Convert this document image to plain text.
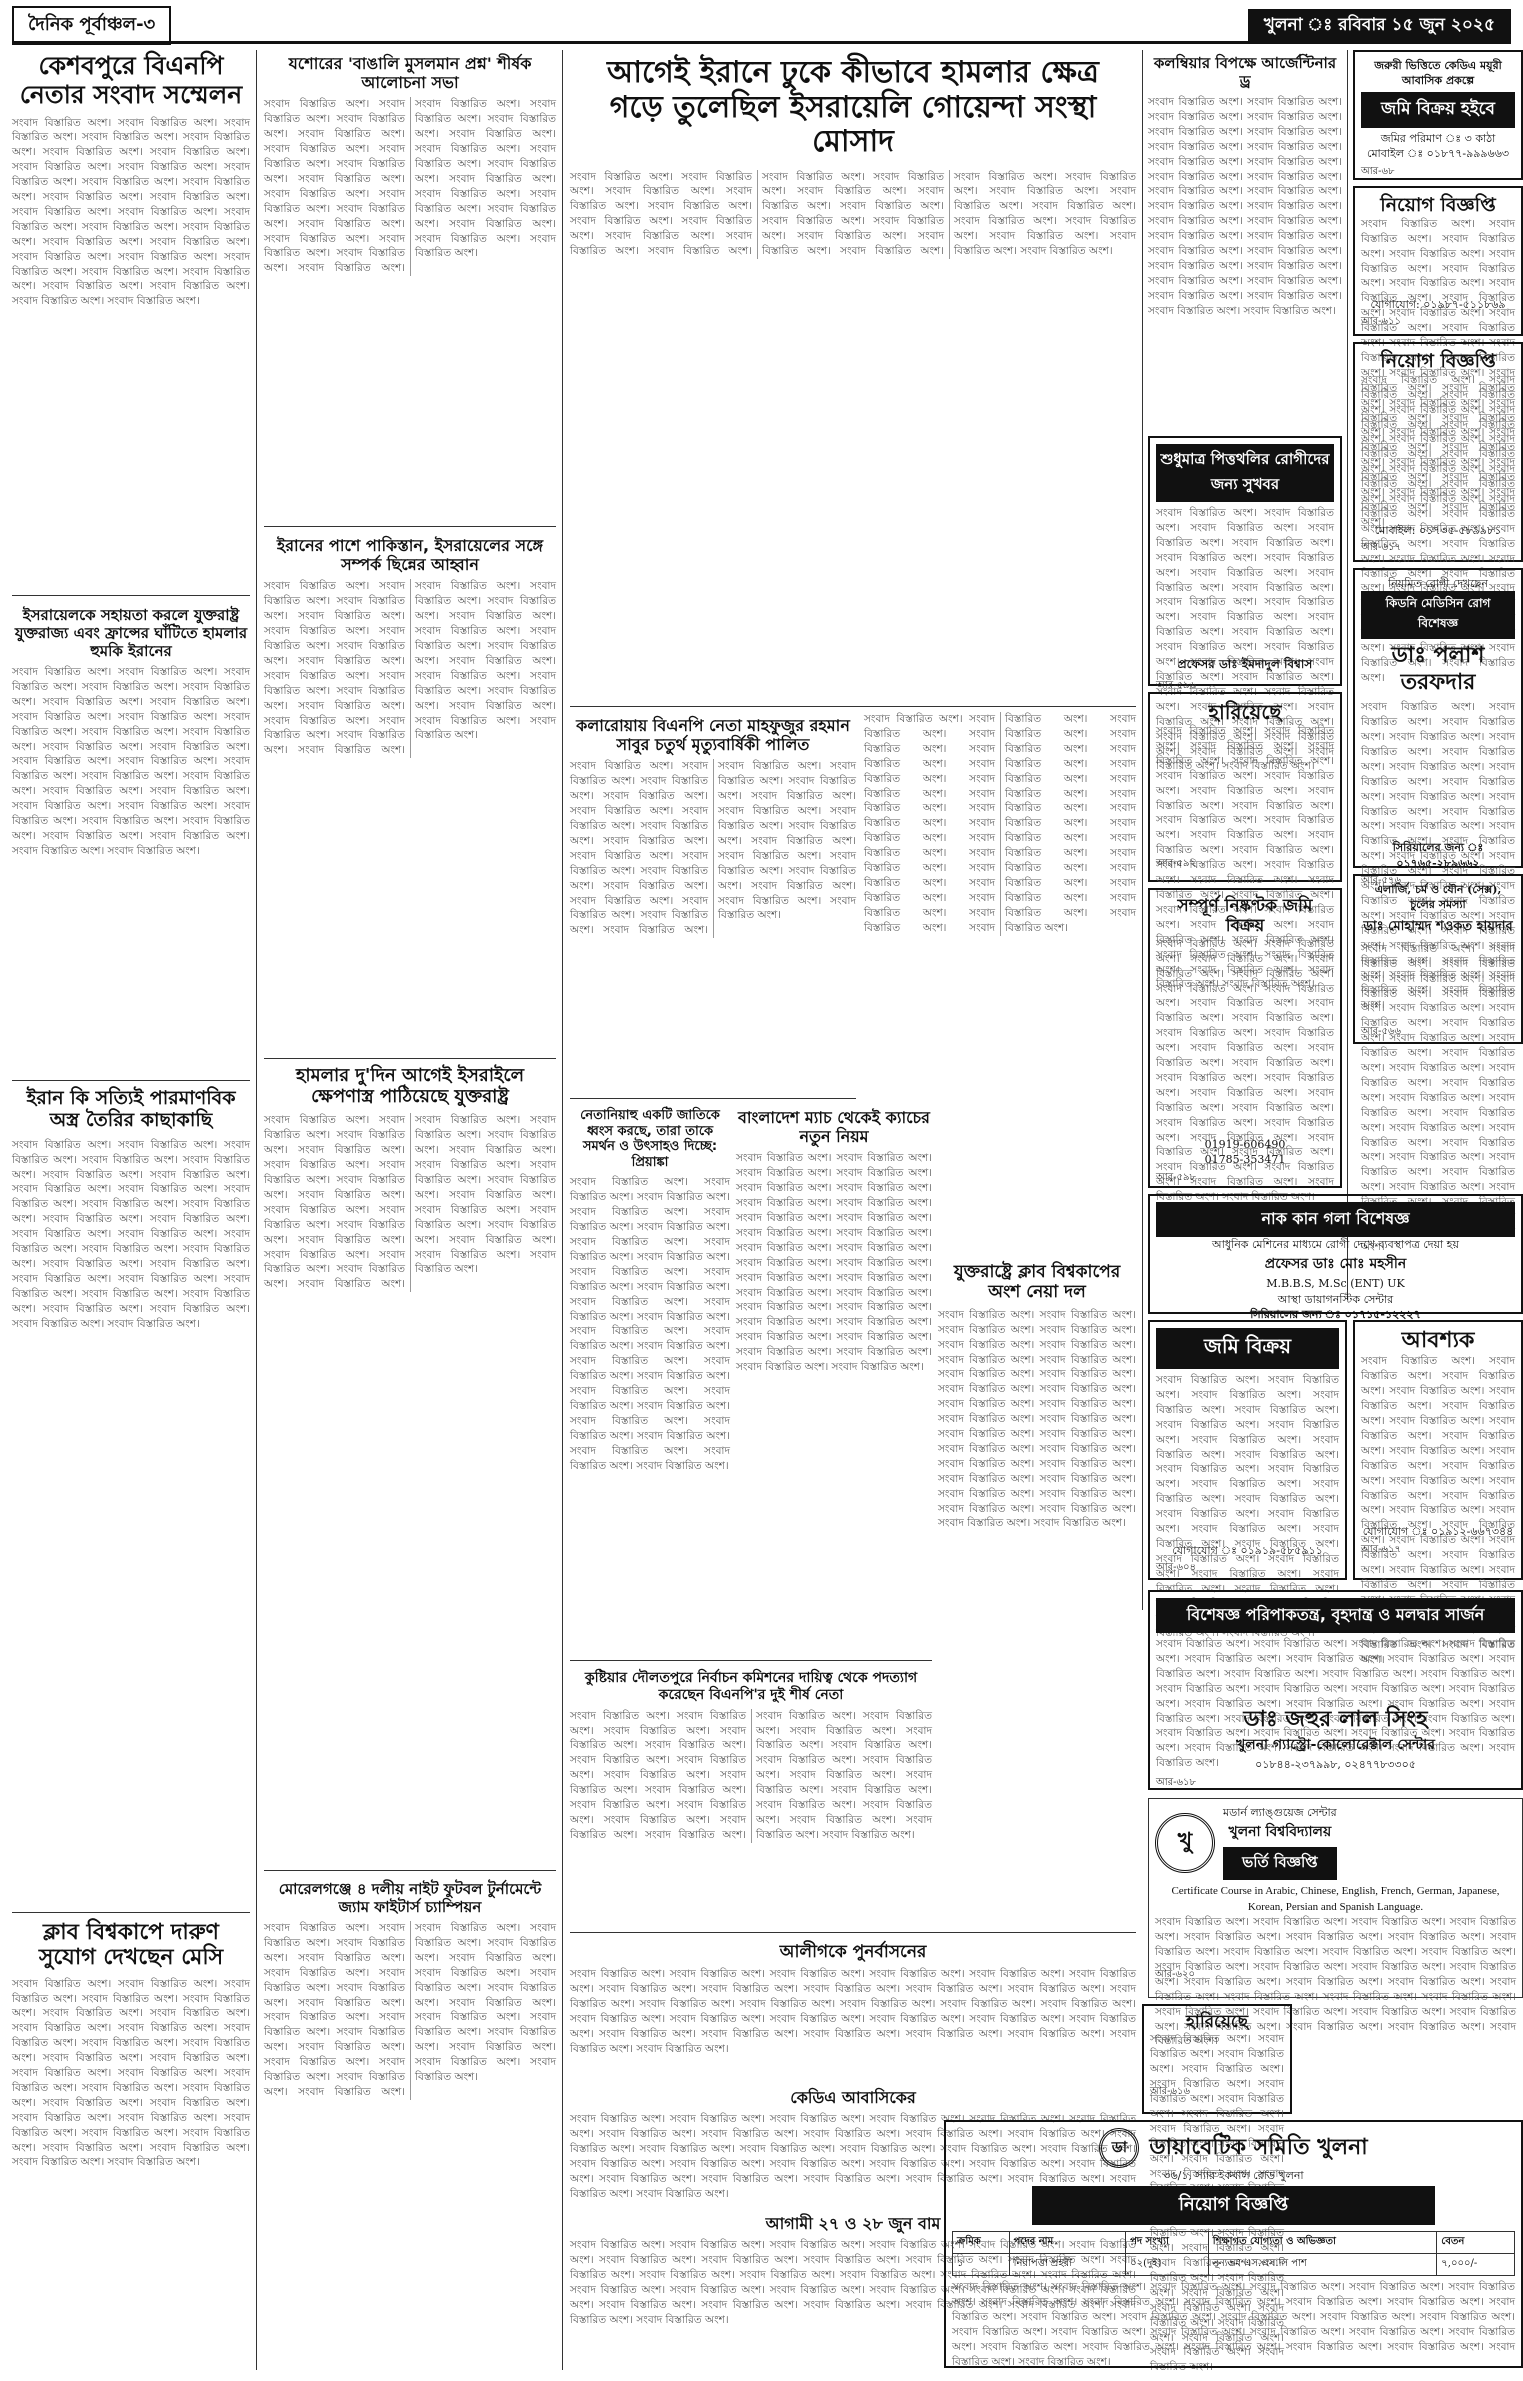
দৈনিক পূর্বাঞ্চল-৩	খুলনা ঃ রবিবার ১৫ জুন ২০২৫
কেশবপুরে বিএনপি নেতার সংবাদ সম্মেলন
সংবাদ বিস্তারিত অংশ। সংবাদ বিস্তারিত অংশ। সংবাদ বিস্তারিত অংশ। সংবাদ বিস্তারিত অংশ। সংবাদ বিস্তারিত অংশ। সংবাদ বিস্তারিত অংশ। সংবাদ বিস্তারিত অংশ। সংবাদ বিস্তারিত অংশ। সংবাদ বিস্তারিত অংশ। সংবাদ বিস্তারিত অংশ। সংবাদ বিস্তারিত অংশ। সংবাদ বিস্তারিত অংশ। সংবাদ বিস্তারিত অংশ। সংবাদ বিস্তারিত অংশ। সংবাদ বিস্তারিত অংশ। সংবাদ বিস্তারিত অংশ। সংবাদ বিস্তারিত অংশ। সংবাদ বিস্তারিত অংশ। সংবাদ বিস্তারিত অংশ। সংবাদ বিস্তারিত অংশ। সংবাদ বিস্তারিত অংশ। সংবাদ বিস্তারিত অংশ। সংবাদ বিস্তারিত অংশ। সংবাদ বিস্তারিত অংশ। সংবাদ বিস্তারিত অংশ। সংবাদ বিস্তারিত অংশ। সংবাদ বিস্তারিত অংশ। সংবাদ বিস্তারিত অংশ। সংবাদ বিস্তারিত অংশ। সংবাদ বিস্তারিত অংশ।
ইসরায়েলকে সহায়তা করলে যুক্তরাষ্ট্র যুক্তরাজ্য এবং ফ্রান্সের ঘাঁটিতে হামলার হুমকি ইরানের
সংবাদ বিস্তারিত অংশ। সংবাদ বিস্তারিত অংশ। সংবাদ বিস্তারিত অংশ। সংবাদ বিস্তারিত অংশ। সংবাদ বিস্তারিত অংশ। সংবাদ বিস্তারিত অংশ। সংবাদ বিস্তারিত অংশ। সংবাদ বিস্তারিত অংশ। সংবাদ বিস্তারিত অংশ। সংবাদ বিস্তারিত অংশ। সংবাদ বিস্তারিত অংশ। সংবাদ বিস্তারিত অংশ। সংবাদ বিস্তারিত অংশ। সংবাদ বিস্তারিত অংশ। সংবাদ বিস্তারিত অংশ। সংবাদ বিস্তারিত অংশ। সংবাদ বিস্তারিত অংশ। সংবাদ বিস্তারিত অংশ। সংবাদ বিস্তারিত অংশ। সংবাদ বিস্তারিত অংশ। সংবাদ বিস্তারিত অংশ। সংবাদ বিস্তারিত অংশ। সংবাদ বিস্তারিত অংশ। সংবাদ বিস্তারিত অংশ। সংবাদ বিস্তারিত অংশ। সংবাদ বিস্তারিত অংশ। সংবাদ বিস্তারিত অংশ। সংবাদ বিস্তারিত অংশ। সংবাদ বিস্তারিত অংশ। সংবাদ বিস্তারিত অংশ।
ইরান কি সত্যিই পারমাণবিক অস্ত্র তৈরির কাছাকাছি
সংবাদ বিস্তারিত অংশ। সংবাদ বিস্তারিত অংশ। সংবাদ বিস্তারিত অংশ। সংবাদ বিস্তারিত অংশ। সংবাদ বিস্তারিত অংশ। সংবাদ বিস্তারিত অংশ। সংবাদ বিস্তারিত অংশ। সংবাদ বিস্তারিত অংশ। সংবাদ বিস্তারিত অংশ। সংবাদ বিস্তারিত অংশ। সংবাদ বিস্তারিত অংশ। সংবাদ বিস্তারিত অংশ। সংবাদ বিস্তারিত অংশ। সংবাদ বিস্তারিত অংশ। সংবাদ বিস্তারিত অংশ। সংবাদ বিস্তারিত অংশ। সংবাদ বিস্তারিত অংশ। সংবাদ বিস্তারিত অংশ। সংবাদ বিস্তারিত অংশ। সংবাদ বিস্তারিত অংশ। সংবাদ বিস্তারিত অংশ। সংবাদ বিস্তারিত অংশ। সংবাদ বিস্তারিত অংশ। সংবাদ বিস্তারিত অংশ। সংবাদ বিস্তারিত অংশ। সংবাদ বিস্তারিত অংশ। সংবাদ বিস্তারিত অংশ। সংবাদ বিস্তারিত অংশ। সংবাদ বিস্তারিত অংশ। সংবাদ বিস্তারিত অংশ।
ক্লাব বিশ্বকাপে দারুণ সুযোগ দেখছেন মেসি
সংবাদ বিস্তারিত অংশ। সংবাদ বিস্তারিত অংশ। সংবাদ বিস্তারিত অংশ। সংবাদ বিস্তারিত অংশ। সংবাদ বিস্তারিত অংশ। সংবাদ বিস্তারিত অংশ। সংবাদ বিস্তারিত অংশ। সংবাদ বিস্তারিত অংশ। সংবাদ বিস্তারিত অংশ। সংবাদ বিস্তারিত অংশ। সংবাদ বিস্তারিত অংশ। সংবাদ বিস্তারিত অংশ। সংবাদ বিস্তারিত অংশ। সংবাদ বিস্তারিত অংশ। সংবাদ বিস্তারিত অংশ। সংবাদ বিস্তারিত অংশ। সংবাদ বিস্তারিত অংশ। সংবাদ বিস্তারিত অংশ। সংবাদ বিস্তারিত অংশ। সংবাদ বিস্তারিত অংশ। সংবাদ বিস্তারিত অংশ। সংবাদ বিস্তারিত অংশ। সংবাদ বিস্তারিত অংশ। সংবাদ বিস্তারিত অংশ। সংবাদ বিস্তারিত অংশ। সংবাদ বিস্তারিত অংশ। সংবাদ বিস্তারিত অংশ। সংবাদ বিস্তারিত অংশ। সংবাদ বিস্তারিত অংশ। সংবাদ বিস্তারিত অংশ।
যশোরের 'বাঙালি মুসলমান প্রশ্ন' শীর্ষক আলোচনা সভা
সংবাদ বিস্তারিত অংশ। সংবাদ বিস্তারিত অংশ। সংবাদ বিস্তারিত অংশ। সংবাদ বিস্তারিত অংশ। সংবাদ বিস্তারিত অংশ। সংবাদ বিস্তারিত অংশ। সংবাদ বিস্তারিত অংশ। সংবাদ বিস্তারিত অংশ। সংবাদ বিস্তারিত অংশ। সংবাদ বিস্তারিত অংশ। সংবাদ বিস্তারিত অংশ। সংবাদ বিস্তারিত অংশ। সংবাদ বিস্তারিত অংশ। সংবাদ বিস্তারিত অংশ। সংবাদ বিস্তারিত অংশ। সংবাদ বিস্তারিত অংশ। সংবাদ বিস্তারিত অংশ। সংবাদ বিস্তারিত অংশ। সংবাদ বিস্তারিত অংশ। সংবাদ বিস্তারিত অংশ। সংবাদ বিস্তারিত অংশ। সংবাদ বিস্তারিত অংশ। সংবাদ বিস্তারিত অংশ। সংবাদ বিস্তারিত অংশ। সংবাদ বিস্তারিত অংশ। সংবাদ বিস্তারিত অংশ। সংবাদ বিস্তারিত অংশ। সংবাদ বিস্তারিত অংশ। সংবাদ বিস্তারিত অংশ। সংবাদ বিস্তারিত অংশ।
ইরানের পাশে পাকিস্তান, ইসরায়েলের সঙ্গে সম্পর্ক ছিন্নের আহ্বান
সংবাদ বিস্তারিত অংশ। সংবাদ বিস্তারিত অংশ। সংবাদ বিস্তারিত অংশ। সংবাদ বিস্তারিত অংশ। সংবাদ বিস্তারিত অংশ। সংবাদ বিস্তারিত অংশ। সংবাদ বিস্তারিত অংশ। সংবাদ বিস্তারিত অংশ। সংবাদ বিস্তারিত অংশ। সংবাদ বিস্তারিত অংশ। সংবাদ বিস্তারিত অংশ। সংবাদ বিস্তারিত অংশ। সংবাদ বিস্তারিত অংশ। সংবাদ বিস্তারিত অংশ। সংবাদ বিস্তারিত অংশ। সংবাদ বিস্তারিত অংশ। সংবাদ বিস্তারিত অংশ। সংবাদ বিস্তারিত অংশ। সংবাদ বিস্তারিত অংশ। সংবাদ বিস্তারিত অংশ। সংবাদ বিস্তারিত অংশ। সংবাদ বিস্তারিত অংশ। সংবাদ বিস্তারিত অংশ। সংবাদ বিস্তারিত অংশ। সংবাদ বিস্তারিত অংশ। সংবাদ বিস্তারিত অংশ। সংবাদ বিস্তারিত অংশ। সংবাদ বিস্তারিত অংশ। সংবাদ বিস্তারিত অংশ। সংবাদ বিস্তারিত অংশ।
হামলার দু'দিন আগেই ইসরাইলে ক্ষেপণাস্ত্র পাঠিয়েছে যুক্তরাষ্ট্র
সংবাদ বিস্তারিত অংশ। সংবাদ বিস্তারিত অংশ। সংবাদ বিস্তারিত অংশ। সংবাদ বিস্তারিত অংশ। সংবাদ বিস্তারিত অংশ। সংবাদ বিস্তারিত অংশ। সংবাদ বিস্তারিত অংশ। সংবাদ বিস্তারিত অংশ। সংবাদ বিস্তারিত অংশ। সংবাদ বিস্তারিত অংশ। সংবাদ বিস্তারিত অংশ। সংবাদ বিস্তারিত অংশ। সংবাদ বিস্তারিত অংশ। সংবাদ বিস্তারিত অংশ। সংবাদ বিস্তারিত অংশ। সংবাদ বিস্তারিত অংশ। সংবাদ বিস্তারিত অংশ। সংবাদ বিস্তারিত অংশ। সংবাদ বিস্তারিত অংশ। সংবাদ বিস্তারিত অংশ। সংবাদ বিস্তারিত অংশ। সংবাদ বিস্তারিত অংশ। সংবাদ বিস্তারিত অংশ। সংবাদ বিস্তারিত অংশ। সংবাদ বিস্তারিত অংশ। সংবাদ বিস্তারিত অংশ। সংবাদ বিস্তারিত অংশ। সংবাদ বিস্তারিত অংশ। সংবাদ বিস্তারিত অংশ। সংবাদ বিস্তারিত অংশ।
মোরেলগঞ্জে ৪ দলীয় নাইট ফুটবল টুর্নামেন্টে জ্যাম ফাইটার্স চ্যাম্পিয়ন
সংবাদ বিস্তারিত অংশ। সংবাদ বিস্তারিত অংশ। সংবাদ বিস্তারিত অংশ। সংবাদ বিস্তারিত অংশ। সংবাদ বিস্তারিত অংশ। সংবাদ বিস্তারিত অংশ। সংবাদ বিস্তারিত অংশ। সংবাদ বিস্তারিত অংশ। সংবাদ বিস্তারিত অংশ। সংবাদ বিস্তারিত অংশ। সংবাদ বিস্তারিত অংশ। সংবাদ বিস্তারিত অংশ। সংবাদ বিস্তারিত অংশ। সংবাদ বিস্তারিত অংশ। সংবাদ বিস্তারিত অংশ। সংবাদ বিস্তারিত অংশ। সংবাদ বিস্তারিত অংশ। সংবাদ বিস্তারিত অংশ। সংবাদ বিস্তারিত অংশ। সংবাদ বিস্তারিত অংশ। সংবাদ বিস্তারিত অংশ। সংবাদ বিস্তারিত অংশ। সংবাদ বিস্তারিত অংশ। সংবাদ বিস্তারিত অংশ। সংবাদ বিস্তারিত অংশ। সংবাদ বিস্তারিত অংশ। সংবাদ বিস্তারিত অংশ। সংবাদ বিস্তারিত অংশ। সংবাদ বিস্তারিত অংশ। সংবাদ বিস্তারিত অংশ।
আগেই ইরানে ঢুকে কীভাবে হামলার ক্ষেত্র গড়ে তুলেছিল ইসরায়েলি গোয়েন্দা সংস্থা মোসাদ
সংবাদ বিস্তারিত অংশ। সংবাদ বিস্তারিত অংশ। সংবাদ বিস্তারিত অংশ। সংবাদ বিস্তারিত অংশ। সংবাদ বিস্তারিত অংশ। সংবাদ বিস্তারিত অংশ। সংবাদ বিস্তারিত অংশ। সংবাদ বিস্তারিত অংশ। সংবাদ বিস্তারিত অংশ। সংবাদ বিস্তারিত অংশ। সংবাদ বিস্তারিত অংশ। সংবাদ বিস্তারিত অংশ। সংবাদ বিস্তারিত অংশ। সংবাদ বিস্তারিত অংশ। সংবাদ বিস্তারিত অংশ। সংবাদ বিস্তারিত অংশ। সংবাদ বিস্তারিত অংশ। সংবাদ বিস্তারিত অংশ। সংবাদ বিস্তারিত অংশ। সংবাদ বিস্তারিত অংশ। সংবাদ বিস্তারিত অংশ। সংবাদ বিস্তারিত অংশ। সংবাদ বিস্তারিত অংশ। সংবাদ বিস্তারিত অংশ। সংবাদ বিস্তারিত অংশ। সংবাদ বিস্তারিত অংশ। সংবাদ বিস্তারিত অংশ। সংবাদ বিস্তারিত অংশ। সংবাদ বিস্তারিত অংশ। সংবাদ বিস্তারিত অংশ।
কলারোয়ায় বিএনপি নেতা মাহফুজুর রহমান সাবুর চতুর্থ মৃত্যুবার্ষিকী পালিত
সংবাদ বিস্তারিত অংশ। সংবাদ বিস্তারিত অংশ। সংবাদ বিস্তারিত অংশ। সংবাদ বিস্তারিত অংশ। সংবাদ বিস্তারিত অংশ। সংবাদ বিস্তারিত অংশ। সংবাদ বিস্তারিত অংশ। সংবাদ বিস্তারিত অংশ। সংবাদ বিস্তারিত অংশ। সংবাদ বিস্তারিত অংশ। সংবাদ বিস্তারিত অংশ। সংবাদ বিস্তারিত অংশ। সংবাদ বিস্তারিত অংশ। সংবাদ বিস্তারিত অংশ। সংবাদ বিস্তারিত অংশ। সংবাদ বিস্তারিত অংশ। সংবাদ বিস্তারিত অংশ। সংবাদ বিস্তারিত অংশ। সংবাদ বিস্তারিত অংশ। সংবাদ বিস্তারিত অংশ। সংবাদ বিস্তারিত অংশ। সংবাদ বিস্তারিত অংশ। সংবাদ বিস্তারিত অংশ। সংবাদ বিস্তারিত অংশ। সংবাদ বিস্তারিত অংশ। সংবাদ বিস্তারিত অংশ। সংবাদ বিস্তারিত অংশ। সংবাদ বিস্তারিত অংশ। সংবাদ বিস্তারিত অংশ। সংবাদ বিস্তারিত অংশ।
সংবাদ বিস্তারিত অংশ। সংবাদ বিস্তারিত অংশ। সংবাদ বিস্তারিত অংশ। সংবাদ বিস্তারিত অংশ। সংবাদ বিস্তারিত অংশ। সংবাদ বিস্তারিত অংশ। সংবাদ বিস্তারিত অংশ। সংবাদ বিস্তারিত অংশ। সংবাদ বিস্তারিত অংশ। সংবাদ বিস্তারিত অংশ। সংবাদ বিস্তারিত অংশ। সংবাদ বিস্তারিত অংশ। সংবাদ বিস্তারিত অংশ। সংবাদ বিস্তারিত অংশ। সংবাদ বিস্তারিত অংশ। সংবাদ বিস্তারিত অংশ। সংবাদ বিস্তারিত অংশ। সংবাদ বিস্তারিত অংশ। সংবাদ বিস্তারিত অংশ। সংবাদ বিস্তারিত অংশ। সংবাদ বিস্তারিত অংশ। সংবাদ বিস্তারিত অংশ। সংবাদ বিস্তারিত অংশ। সংবাদ বিস্তারিত অংশ। সংবাদ বিস্তারিত অংশ। সংবাদ বিস্তারিত অংশ। সংবাদ বিস্তারিত অংশ। সংবাদ বিস্তারিত অংশ। সংবাদ বিস্তারিত অংশ। সংবাদ বিস্তারিত অংশ।
নেতানিয়াহু একটি জাতিকে ধ্বংস করছে, তারা তাকে সমর্থন ও উৎসাহও দিচ্ছে: প্রিয়াঙ্কা
সংবাদ বিস্তারিত অংশ। সংবাদ বিস্তারিত অংশ। সংবাদ বিস্তারিত অংশ। সংবাদ বিস্তারিত অংশ। সংবাদ বিস্তারিত অংশ। সংবাদ বিস্তারিত অংশ। সংবাদ বিস্তারিত অংশ। সংবাদ বিস্তারিত অংশ। সংবাদ বিস্তারিত অংশ। সংবাদ বিস্তারিত অংশ। সংবাদ বিস্তারিত অংশ। সংবাদ বিস্তারিত অংশ। সংবাদ বিস্তারিত অংশ। সংবাদ বিস্তারিত অংশ। সংবাদ বিস্তারিত অংশ। সংবাদ বিস্তারিত অংশ। সংবাদ বিস্তারিত অংশ। সংবাদ বিস্তারিত অংশ। সংবাদ বিস্তারিত অংশ। সংবাদ বিস্তারিত অংশ। সংবাদ বিস্তারিত অংশ। সংবাদ বিস্তারিত অংশ। সংবাদ বিস্তারিত অংশ। সংবাদ বিস্তারিত অংশ। সংবাদ বিস্তারিত অংশ। সংবাদ বিস্তারিত অংশ। সংবাদ বিস্তারিত অংশ। সংবাদ বিস্তারিত অংশ। সংবাদ বিস্তারিত অংশ। সংবাদ বিস্তারিত অংশ।
বাংলাদেশ ম্যাচ থেকেই ক্যাচের নতুন নিয়ম
সংবাদ বিস্তারিত অংশ। সংবাদ বিস্তারিত অংশ। সংবাদ বিস্তারিত অংশ। সংবাদ বিস্তারিত অংশ। সংবাদ বিস্তারিত অংশ। সংবাদ বিস্তারিত অংশ। সংবাদ বিস্তারিত অংশ। সংবাদ বিস্তারিত অংশ। সংবাদ বিস্তারিত অংশ। সংবাদ বিস্তারিত অংশ। সংবাদ বিস্তারিত অংশ। সংবাদ বিস্তারিত অংশ। সংবাদ বিস্তারিত অংশ। সংবাদ বিস্তারিত অংশ। সংবাদ বিস্তারিত অংশ। সংবাদ বিস্তারিত অংশ। সংবাদ বিস্তারিত অংশ। সংবাদ বিস্তারিত অংশ। সংবাদ বিস্তারিত অংশ। সংবাদ বিস্তারিত অংশ। সংবাদ বিস্তারিত অংশ। সংবাদ বিস্তারিত অংশ। সংবাদ বিস্তারিত অংশ। সংবাদ বিস্তারিত অংশ। সংবাদ বিস্তারিত অংশ। সংবাদ বিস্তারিত অংশ। সংবাদ বিস্তারিত অংশ। সংবাদ বিস্তারিত অংশ। সংবাদ বিস্তারিত অংশ। সংবাদ বিস্তারিত অংশ।
যুক্তরাষ্ট্রে ক্লাব বিশ্বকাপের অংশ নেয়া দল
সংবাদ বিস্তারিত অংশ। সংবাদ বিস্তারিত অংশ। সংবাদ বিস্তারিত অংশ। সংবাদ বিস্তারিত অংশ। সংবাদ বিস্তারিত অংশ। সংবাদ বিস্তারিত অংশ। সংবাদ বিস্তারিত অংশ। সংবাদ বিস্তারিত অংশ। সংবাদ বিস্তারিত অংশ। সংবাদ বিস্তারিত অংশ। সংবাদ বিস্তারিত অংশ। সংবাদ বিস্তারিত অংশ। সংবাদ বিস্তারিত অংশ। সংবাদ বিস্তারিত অংশ। সংবাদ বিস্তারিত অংশ। সংবাদ বিস্তারিত অংশ। সংবাদ বিস্তারিত অংশ। সংবাদ বিস্তারিত অংশ। সংবাদ বিস্তারিত অংশ। সংবাদ বিস্তারিত অংশ। সংবাদ বিস্তারিত অংশ। সংবাদ বিস্তারিত অংশ। সংবাদ বিস্তারিত অংশ। সংবাদ বিস্তারিত অংশ। সংবাদ বিস্তারিত অংশ। সংবাদ বিস্তারিত অংশ। সংবাদ বিস্তারিত অংশ। সংবাদ বিস্তারিত অংশ। সংবাদ বিস্তারিত অংশ। সংবাদ বিস্তারিত অংশ।
কুষ্টিয়ার দৌলতপুরে নির্বাচন কমিশনের দায়িত্ব থেকে পদত্যাগ করেছেন বিএনপি'র দুই শীর্ষ নেতা
সংবাদ বিস্তারিত অংশ। সংবাদ বিস্তারিত অংশ। সংবাদ বিস্তারিত অংশ। সংবাদ বিস্তারিত অংশ। সংবাদ বিস্তারিত অংশ। সংবাদ বিস্তারিত অংশ। সংবাদ বিস্তারিত অংশ। সংবাদ বিস্তারিত অংশ। সংবাদ বিস্তারিত অংশ। সংবাদ বিস্তারিত অংশ। সংবাদ বিস্তারিত অংশ। সংবাদ বিস্তারিত অংশ। সংবাদ বিস্তারিত অংশ। সংবাদ বিস্তারিত অংশ। সংবাদ বিস্তারিত অংশ। সংবাদ বিস্তারিত অংশ। সংবাদ বিস্তারিত অংশ। সংবাদ বিস্তারিত অংশ। সংবাদ বিস্তারিত অংশ। সংবাদ বিস্তারিত অংশ। সংবাদ বিস্তারিত অংশ। সংবাদ বিস্তারিত অংশ। সংবাদ বিস্তারিত অংশ। সংবাদ বিস্তারিত অংশ। সংবাদ বিস্তারিত অংশ। সংবাদ বিস্তারিত অংশ। সংবাদ বিস্তারিত অংশ। সংবাদ বিস্তারিত অংশ। সংবাদ বিস্তারিত অংশ। সংবাদ বিস্তারিত অংশ।
আলীগকে পুনর্বাসনের
সংবাদ বিস্তারিত অংশ। সংবাদ বিস্তারিত অংশ। সংবাদ বিস্তারিত অংশ। সংবাদ বিস্তারিত অংশ। সংবাদ বিস্তারিত অংশ। সংবাদ বিস্তারিত অংশ। সংবাদ বিস্তারিত অংশ। সংবাদ বিস্তারিত অংশ। সংবাদ বিস্তারিত অংশ। সংবাদ বিস্তারিত অংশ। সংবাদ বিস্তারিত অংশ। সংবাদ বিস্তারিত অংশ। সংবাদ বিস্তারিত অংশ। সংবাদ বিস্তারিত অংশ। সংবাদ বিস্তারিত অংশ। সংবাদ বিস্তারিত অংশ। সংবাদ বিস্তারিত অংশ। সংবাদ বিস্তারিত অংশ। সংবাদ বিস্তারিত অংশ। সংবাদ বিস্তারিত অংশ। সংবাদ বিস্তারিত অংশ। সংবাদ বিস্তারিত অংশ। সংবাদ বিস্তারিত অংশ। সংবাদ বিস্তারিত অংশ। সংবাদ বিস্তারিত অংশ। সংবাদ বিস্তারিত অংশ। সংবাদ বিস্তারিত অংশ। সংবাদ বিস্তারিত অংশ। সংবাদ বিস্তারিত অংশ। সংবাদ বিস্তারিত অংশ।
কেডিএ আবাসিকের
সংবাদ বিস্তারিত অংশ। সংবাদ বিস্তারিত অংশ। সংবাদ বিস্তারিত অংশ। সংবাদ বিস্তারিত অংশ। সংবাদ বিস্তারিত অংশ। সংবাদ বিস্তারিত অংশ। সংবাদ বিস্তারিত অংশ। সংবাদ বিস্তারিত অংশ। সংবাদ বিস্তারিত অংশ। সংবাদ বিস্তারিত অংশ। সংবাদ বিস্তারিত অংশ। সংবাদ বিস্তারিত অংশ। সংবাদ বিস্তারিত অংশ। সংবাদ বিস্তারিত অংশ। সংবাদ বিস্তারিত অংশ। সংবাদ বিস্তারিত অংশ। সংবাদ বিস্তারিত অংশ। সংবাদ বিস্তারিত অংশ। সংবাদ বিস্তারিত অংশ। সংবাদ বিস্তারিত অংশ। সংবাদ বিস্তারিত অংশ। সংবাদ বিস্তারিত অংশ। সংবাদ বিস্তারিত অংশ। সংবাদ বিস্তারিত অংশ। সংবাদ বিস্তারিত অংশ। সংবাদ বিস্তারিত অংশ। সংবাদ বিস্তারিত অংশ। সংবাদ বিস্তারিত অংশ। সংবাদ বিস্তারিত অংশ। সংবাদ বিস্তারিত অংশ।
আগামী ২৭ ও ২৮ জুন বাম
সংবাদ বিস্তারিত অংশ। সংবাদ বিস্তারিত অংশ। সংবাদ বিস্তারিত অংশ। সংবাদ বিস্তারিত অংশ। সংবাদ বিস্তারিত অংশ। সংবাদ বিস্তারিত অংশ। সংবাদ বিস্তারিত অংশ। সংবাদ বিস্তারিত অংশ। সংবাদ বিস্তারিত অংশ। সংবাদ বিস্তারিত অংশ। সংবাদ বিস্তারিত অংশ। সংবাদ বিস্তারিত অংশ। সংবাদ বিস্তারিত অংশ। সংবাদ বিস্তারিত অংশ। সংবাদ বিস্তারিত অংশ। সংবাদ বিস্তারিত অংশ। সংবাদ বিস্তারিত অংশ। সংবাদ বিস্তারিত অংশ। সংবাদ বিস্তারিত অংশ। সংবাদ বিস্তারিত অংশ। সংবাদ বিস্তারিত অংশ। সংবাদ বিস্তারিত অংশ। সংবাদ বিস্তারিত অংশ। সংবাদ বিস্তারিত অংশ। সংবাদ বিস্তারিত অংশ। সংবাদ বিস্তারিত অংশ। সংবাদ বিস্তারিত অংশ। সংবাদ বিস্তারিত অংশ। সংবাদ বিস্তারিত অংশ। সংবাদ বিস্তারিত অংশ।
কলম্বিয়ার বিপক্ষে আর্জেন্টিনার ড্র
সংবাদ বিস্তারিত অংশ। সংবাদ বিস্তারিত অংশ। সংবাদ বিস্তারিত অংশ। সংবাদ বিস্তারিত অংশ। সংবাদ বিস্তারিত অংশ। সংবাদ বিস্তারিত অংশ। সংবাদ বিস্তারিত অংশ। সংবাদ বিস্তারিত অংশ। সংবাদ বিস্তারিত অংশ। সংবাদ বিস্তারিত অংশ। সংবাদ বিস্তারিত অংশ। সংবাদ বিস্তারিত অংশ। সংবাদ বিস্তারিত অংশ। সংবাদ বিস্তারিত অংশ। সংবাদ বিস্তারিত অংশ। সংবাদ বিস্তারিত অংশ। সংবাদ বিস্তারিত অংশ। সংবাদ বিস্তারিত অংশ। সংবাদ বিস্তারিত অংশ। সংবাদ বিস্তারিত অংশ। সংবাদ বিস্তারিত অংশ। সংবাদ বিস্তারিত অংশ। সংবাদ বিস্তারিত অংশ। সংবাদ বিস্তারিত অংশ। সংবাদ বিস্তারিত অংশ। সংবাদ বিস্তারিত অংশ। সংবাদ বিস্তারিত অংশ। সংবাদ বিস্তারিত অংশ। সংবাদ বিস্তারিত অংশ। সংবাদ বিস্তারিত অংশ।
শুধুমাত্র পিত্তথলির রোগীদের জন্য সুখবর
সংবাদ বিস্তারিত অংশ। সংবাদ বিস্তারিত অংশ। সংবাদ বিস্তারিত অংশ। সংবাদ বিস্তারিত অংশ। সংবাদ বিস্তারিত অংশ। সংবাদ বিস্তারিত অংশ। সংবাদ বিস্তারিত অংশ। সংবাদ বিস্তারিত অংশ। সংবাদ বিস্তারিত অংশ। সংবাদ বিস্তারিত অংশ। সংবাদ বিস্তারিত অংশ। সংবাদ বিস্তারিত অংশ। সংবাদ বিস্তারিত অংশ। সংবাদ বিস্তারিত অংশ। সংবাদ বিস্তারিত অংশ। সংবাদ বিস্তারিত অংশ। সংবাদ বিস্তারিত অংশ। সংবাদ বিস্তারিত অংশ। সংবাদ বিস্তারিত অংশ। সংবাদ বিস্তারিত অংশ। সংবাদ বিস্তারিত অংশ। সংবাদ বিস্তারিত অংশ। সংবাদ বিস্তারিত অংশ। সংবাদ বিস্তারিত অংশ। সংবাদ বিস্তারিত অংশ। সংবাদ বিস্তারিত অংশ। সংবাদ বিস্তারিত অংশ। সংবাদ বিস্তারিত অংশ। সংবাদ বিস্তারিত অংশ। সংবাদ বিস্তারিত অংশ।
প্রফেসর ডাঃ ইমদাদুল বিশ্বাস
আর-৫৯৬
হারিয়েছে
সংবাদ বিস্তারিত অংশ। সংবাদ বিস্তারিত অংশ। সংবাদ বিস্তারিত অংশ। সংবাদ বিস্তারিত অংশ। সংবাদ বিস্তারিত অংশ। সংবাদ বিস্তারিত অংশ। সংবাদ বিস্তারিত অংশ। সংবাদ বিস্তারিত অংশ। সংবাদ বিস্তারিত অংশ। সংবাদ বিস্তারিত অংশ। সংবাদ বিস্তারিত অংশ। সংবাদ বিস্তারিত অংশ। সংবাদ বিস্তারিত অংশ। সংবাদ বিস্তারিত অংশ। সংবাদ বিস্তারিত অংশ। সংবাদ বিস্তারিত অংশ। সংবাদ বিস্তারিত অংশ। সংবাদ বিস্তারিত অংশ। সংবাদ বিস্তারিত অংশ। সংবাদ বিস্তারিত অংশ। সংবাদ বিস্তারিত অংশ। সংবাদ বিস্তারিত অংশ। সংবাদ বিস্তারিত অংশ। সংবাদ বিস্তারিত অংশ। সংবাদ বিস্তারিত অংশ। সংবাদ বিস্তারিত অংশ। সংবাদ বিস্তারিত অংশ। সংবাদ বিস্তারিত অংশ। সংবাদ বিস্তারিত অংশ। সংবাদ বিস্তারিত অংশ।
আর-৫৯২
সম্পূর্ণ নিষ্কণ্টক জমি বিক্রয়
সংবাদ বিস্তারিত অংশ। সংবাদ বিস্তারিত অংশ। সংবাদ বিস্তারিত অংশ। সংবাদ বিস্তারিত অংশ। সংবাদ বিস্তারিত অংশ। সংবাদ বিস্তারিত অংশ। সংবাদ বিস্তারিত অংশ। সংবাদ বিস্তারিত অংশ। সংবাদ বিস্তারিত অংশ। সংবাদ বিস্তারিত অংশ। সংবাদ বিস্তারিত অংশ। সংবাদ বিস্তারিত অংশ। সংবাদ বিস্তারিত অংশ। সংবাদ বিস্তারিত অংশ। সংবাদ বিস্তারিত অংশ। সংবাদ বিস্তারিত অংশ। সংবাদ বিস্তারিত অংশ। সংবাদ বিস্তারিত অংশ। সংবাদ বিস্তারিত অংশ। সংবাদ বিস্তারিত অংশ। সংবাদ বিস্তারিত অংশ। সংবাদ বিস্তারিত অংশ। সংবাদ বিস্তারিত অংশ। সংবাদ বিস্তারিত অংশ। সংবাদ বিস্তারিত অংশ। সংবাদ বিস্তারিত অংশ। সংবাদ বিস্তারিত অংশ। সংবাদ বিস্তারিত অংশ। সংবাদ বিস্তারিত অংশ। সংবাদ বিস্তারিত অংশ।
01919-606490
01785-353471
আর-৫৯৮
জরুরী ভিত্তিতে কেডিএ ময়ূরী আবাসিক প্রকল্পে
জমি বিক্রয় হইবে
জমির পরিমাণ ঃ ৩ কাঠা
মোবাইল ঃ ০১৮৭৭-৯৯৯৬৬৩
আর-৬৮
নিয়োগ বিজ্ঞপ্তি
সংবাদ বিস্তারিত অংশ। সংবাদ বিস্তারিত অংশ। সংবাদ বিস্তারিত অংশ। সংবাদ বিস্তারিত অংশ। সংবাদ বিস্তারিত অংশ। সংবাদ বিস্তারিত অংশ। সংবাদ বিস্তারিত অংশ। সংবাদ বিস্তারিত অংশ। সংবাদ বিস্তারিত অংশ। সংবাদ বিস্তারিত অংশ। সংবাদ বিস্তারিত অংশ। সংবাদ বিস্তারিত অংশ। সংবাদ বিস্তারিত অংশ। সংবাদ বিস্তারিত অংশ। সংবাদ বিস্তারিত অংশ। সংবাদ বিস্তারিত অংশ। সংবাদ বিস্তারিত অংশ। সংবাদ বিস্তারিত অংশ। সংবাদ বিস্তারিত অংশ। সংবাদ বিস্তারিত অংশ। সংবাদ বিস্তারিত অংশ। সংবাদ বিস্তারিত অংশ। সংবাদ বিস্তারিত অংশ। সংবাদ বিস্তারিত অংশ। সংবাদ বিস্তারিত অংশ। সংবাদ বিস্তারিত অংশ। সংবাদ বিস্তারিত অংশ। সংবাদ বিস্তারিত অংশ। সংবাদ বিস্তারিত অংশ। সংবাদ বিস্তারিত অংশ।
যোগাযোগ: ০১৯৮৭-৫১১৮৬৯
আর-৬১১
নিয়োগ বিজ্ঞপ্তি
সংবাদ বিস্তারিত অংশ। সংবাদ বিস্তারিত অংশ। সংবাদ বিস্তারিত অংশ। সংবাদ বিস্তারিত অংশ। সংবাদ বিস্তারিত অংশ। সংবাদ বিস্তারিত অংশ। সংবাদ বিস্তারিত অংশ। সংবাদ বিস্তারিত অংশ। সংবাদ বিস্তারিত অংশ। সংবাদ বিস্তারিত অংশ। সংবাদ বিস্তারিত অংশ। সংবাদ বিস্তারিত অংশ। সংবাদ বিস্তারিত অংশ। সংবাদ বিস্তারিত অংশ। সংবাদ বিস্তারিত অংশ। সংবাদ বিস্তারিত অংশ। সংবাদ বিস্তারিত অংশ। সংবাদ বিস্তারিত অংশ। সংবাদ বিস্তারিত অংশ। সংবাদ বিস্তারিত অংশ। সংবাদ বিস্তারিত অংশ। সংবাদ বিস্তারিত অংশ। সংবাদ বিস্তারিত অংশ। সংবাদ বিস্তারিত অংশ। সংবাদ বিস্তারিত অংশ। সংবাদ বিস্তারিত অংশ। সংবাদ বিস্তারিত অংশ। সংবাদ বিস্তারিত অংশ। সংবাদ বিস্তারিত অংশ। সংবাদ বিস্তারিত অংশ।
মোবাইল: ০১৭৩৫-৫৮৯৯৮১
আর-৬১৭
নিয়মিত রোগী দেখছেন
কিডনি মেডিসিন রোগ বিশেষজ্ঞ
ডাঃ পলাশ তরফদার
সংবাদ বিস্তারিত অংশ। সংবাদ বিস্তারিত অংশ। সংবাদ বিস্তারিত অংশ। সংবাদ বিস্তারিত অংশ। সংবাদ বিস্তারিত অংশ। সংবাদ বিস্তারিত অংশ। সংবাদ বিস্তারিত অংশ। সংবাদ বিস্তারিত অংশ। সংবাদ বিস্তারিত অংশ। সংবাদ বিস্তারিত অংশ। সংবাদ বিস্তারিত অংশ। সংবাদ বিস্তারিত অংশ। সংবাদ বিস্তারিত অংশ। সংবাদ বিস্তারিত অংশ। সংবাদ বিস্তারিত অংশ। সংবাদ বিস্তারিত অংশ। সংবাদ বিস্তারিত অংশ। সংবাদ বিস্তারিত অংশ। সংবাদ বিস্তারিত অংশ। সংবাদ বিস্তারিত অংশ। সংবাদ বিস্তারিত অংশ। সংবাদ বিস্তারিত অংশ। সংবাদ বিস্তারিত অংশ। সংবাদ বিস্তারিত অংশ। সংবাদ বিস্তারিত অংশ। সংবাদ বিস্তারিত অংশ। সংবাদ বিস্তারিত অংশ। সংবাদ বিস্তারিত অংশ। সংবাদ বিস্তারিত অংশ। সংবাদ বিস্তারিত অংশ।
সিরিয়ালের জন্য ঃ ০১৭৬৫-২৮৯৬৬২
আর-৫৭৬
এলার্জি, চর্ম ও যৌন (সেক্স), চুলের সমস্যা
ডাঃ মোহাম্মদ শওকত হায়দার
সংবাদ বিস্তারিত অংশ। সংবাদ বিস্তারিত অংশ। সংবাদ বিস্তারিত অংশ। সংবাদ বিস্তারিত অংশ। সংবাদ বিস্তারিত অংশ। সংবাদ বিস্তারিত অংশ। সংবাদ বিস্তারিত অংশ। সংবাদ বিস্তারিত অংশ। সংবাদ বিস্তারিত অংশ। সংবাদ বিস্তারিত অংশ। সংবাদ বিস্তারিত অংশ। সংবাদ বিস্তারিত অংশ। সংবাদ বিস্তারিত অংশ। সংবাদ বিস্তারিত অংশ। সংবাদ বিস্তারিত অংশ। সংবাদ বিস্তারিত অংশ। সংবাদ বিস্তারিত অংশ। সংবাদ বিস্তারিত অংশ। সংবাদ বিস্তারিত অংশ। সংবাদ বিস্তারিত অংশ। সংবাদ বিস্তারিত অংশ। সংবাদ বিস্তারিত অংশ। সংবাদ বিস্তারিত অংশ। সংবাদ বিস্তারিত অংশ। সংবাদ বিস্তারিত অংশ। সংবাদ বিস্তারিত অংশ। সংবাদ বিস্তারিত অংশ। সংবাদ বিস্তারিত অংশ। সংবাদ বিস্তারিত অংশ। সংবাদ বিস্তারিত অংশ।
আর-৫৬৬
নাক কান গলা বিশেষজ্ঞ
আধুনিক মেশিনের মাধ্যমে রোগী দেখে ব্যবস্থাপত্র দেয়া হয়
প্রফেসর ডাঃ মোঃ মহসীন
M.B.B.S, M.Sc (ENT) UK
আস্থা ডায়াগনস্টিক সেন্টার
সিরিয়ালের জন্য ঃ ০১৭১৫-১২২২৭
আবশ্যক
সংবাদ বিস্তারিত অংশ। সংবাদ বিস্তারিত অংশ। সংবাদ বিস্তারিত অংশ। সংবাদ বিস্তারিত অংশ। সংবাদ বিস্তারিত অংশ। সংবাদ বিস্তারিত অংশ। সংবাদ বিস্তারিত অংশ। সংবাদ বিস্তারিত অংশ। সংবাদ বিস্তারিত অংশ। সংবাদ বিস্তারিত অংশ। সংবাদ বিস্তারিত অংশ। সংবাদ বিস্তারিত অংশ। সংবাদ বিস্তারিত অংশ। সংবাদ বিস্তারিত অংশ। সংবাদ বিস্তারিত অংশ। সংবাদ বিস্তারিত অংশ। সংবাদ বিস্তারিত অংশ। সংবাদ বিস্তারিত অংশ। সংবাদ বিস্তারিত অংশ। সংবাদ বিস্তারিত অংশ। সংবাদ বিস্তারিত অংশ। সংবাদ বিস্তারিত অংশ। সংবাদ বিস্তারিত অংশ। সংবাদ বিস্তারিত অংশ। সংবাদ বিস্তারিত অংশ। সংবাদ বিস্তারিত অংশ। সংবাদ বিস্তারিত অংশ। সংবাদ বিস্তারিত অংশ। সংবাদ বিস্তারিত অংশ। সংবাদ বিস্তারিত অংশ।
যোগাযোগ ঃ ০১৯১২-৬৬৭৩৪৪
আর-৬১৭
জমি বিক্রয়
সংবাদ বিস্তারিত অংশ। সংবাদ বিস্তারিত অংশ। সংবাদ বিস্তারিত অংশ। সংবাদ বিস্তারিত অংশ। সংবাদ বিস্তারিত অংশ। সংবাদ বিস্তারিত অংশ। সংবাদ বিস্তারিত অংশ। সংবাদ বিস্তারিত অংশ। সংবাদ বিস্তারিত অংশ। সংবাদ বিস্তারিত অংশ। সংবাদ বিস্তারিত অংশ। সংবাদ বিস্তারিত অংশ। সংবাদ বিস্তারিত অংশ। সংবাদ বিস্তারিত অংশ। সংবাদ বিস্তারিত অংশ। সংবাদ বিস্তারিত অংশ। সংবাদ বিস্তারিত অংশ। সংবাদ বিস্তারিত অংশ। সংবাদ বিস্তারিত অংশ। সংবাদ বিস্তারিত অংশ। সংবাদ বিস্তারিত অংশ। সংবাদ বিস্তারিত অংশ। সংবাদ বিস্তারিত অংশ। সংবাদ বিস্তারিত অংশ। সংবাদ বিস্তারিত অংশ। সংবাদ বিস্তারিত অংশ। সংবাদ বিস্তারিত অংশ। সংবাদ বিস্তারিত অংশ। সংবাদ বিস্তারিত অংশ। সংবাদ বিস্তারিত অংশ।
যোগাযোগ ঃ ০১৯১৯-৫৮৫৯১১
আর-৬০৪
বিশেষজ্ঞ পরিপাকতন্ত্র, বৃহদান্ত্র ও মলদ্বার সার্জন
সংবাদ বিস্তারিত অংশ। সংবাদ বিস্তারিত অংশ। সংবাদ বিস্তারিত অংশ। সংবাদ বিস্তারিত অংশ। সংবাদ বিস্তারিত অংশ। সংবাদ বিস্তারিত অংশ। সংবাদ বিস্তারিত অংশ। সংবাদ বিস্তারিত অংশ। সংবাদ বিস্তারিত অংশ। সংবাদ বিস্তারিত অংশ। সংবাদ বিস্তারিত অংশ। সংবাদ বিস্তারিত অংশ। সংবাদ বিস্তারিত অংশ। সংবাদ বিস্তারিত অংশ। সংবাদ বিস্তারিত অংশ। সংবাদ বিস্তারিত অংশ। সংবাদ বিস্তারিত অংশ। সংবাদ বিস্তারিত অংশ। সংবাদ বিস্তারিত অংশ। সংবাদ বিস্তারিত অংশ। সংবাদ বিস্তারিত অংশ। সংবাদ বিস্তারিত অংশ। সংবাদ বিস্তারিত অংশ। সংবাদ বিস্তারিত অংশ। সংবাদ বিস্তারিত অংশ। সংবাদ বিস্তারিত অংশ। সংবাদ বিস্তারিত অংশ। সংবাদ বিস্তারিত অংশ। সংবাদ বিস্তারিত অংশ। সংবাদ বিস্তারিত অংশ।
ডাঃ জহুর লাল সিংহ
খুলনা গ্যাস্ট্রো-কোলোরেক্টাল সেন্টার
০১৮৪৪-২৩৭৯৯৮, ০২৪৭৭৮৩৩০৫
আর-৬১৮
খু
মডার্ন ল্যাঙ্গুয়েজ সেন্টার
খুলনা বিশ্ববিদ্যালয়
ভর্তি বিজ্ঞপ্তি
Certificate Course in Arabic, Chinese, English, French, German, Japanese, Korean, Persian and Spanish Language.
সংবাদ বিস্তারিত অংশ। সংবাদ বিস্তারিত অংশ। সংবাদ বিস্তারিত অংশ। সংবাদ বিস্তারিত অংশ। সংবাদ বিস্তারিত অংশ। সংবাদ বিস্তারিত অংশ। সংবাদ বিস্তারিত অংশ। সংবাদ বিস্তারিত অংশ। সংবাদ বিস্তারিত অংশ। সংবাদ বিস্তারিত অংশ। সংবাদ বিস্তারিত অংশ। সংবাদ বিস্তারিত অংশ। সংবাদ বিস্তারিত অংশ। সংবাদ বিস্তারিত অংশ। সংবাদ বিস্তারিত অংশ। সংবাদ বিস্তারিত অংশ। সংবাদ বিস্তারিত অংশ। সংবাদ বিস্তারিত অংশ। সংবাদ বিস্তারিত অংশ। সংবাদ বিস্তারিত অংশ। সংবাদ বিস্তারিত অংশ। সংবাদ বিস্তারিত অংশ। সংবাদ বিস্তারিত অংশ। সংবাদ বিস্তারিত অংশ। সংবাদ বিস্তারিত অংশ। সংবাদ বিস্তারিত অংশ। সংবাদ বিস্তারিত অংশ। সংবাদ বিস্তারিত অংশ। সংবাদ বিস্তারিত অংশ। সংবাদ বিস্তারিত অংশ।
আর-৬২০
হারিয়েছে
সংবাদ বিস্তারিত অংশ। সংবাদ বিস্তারিত অংশ। সংবাদ বিস্তারিত অংশ। সংবাদ বিস্তারিত অংশ। সংবাদ বিস্তারিত অংশ। সংবাদ বিস্তারিত অংশ। সংবাদ বিস্তারিত অংশ। সংবাদ বিস্তারিত অংশ। সংবাদ বিস্তারিত অংশ। সংবাদ বিস্তারিত অংশ। সংবাদ বিস্তারিত অংশ। সংবাদ বিস্তারিত অংশ। সংবাদ বিস্তারিত অংশ। সংবাদ বিস্তারিত অংশ। সংবাদ বিস্তারিত অংশ। সংবাদ বিস্তারিত অংশ। সংবাদ বিস্তারিত অংশ। সংবাদ বিস্তারিত অংশ। সংবাদ বিস্তারিত অংশ। সংবাদ বিস্তারিত অংশ। সংবাদ বিস্তারিত অংশ। সংবাদ বিস্তারিত অংশ। সংবাদ বিস্তারিত অংশ। সংবাদ বিস্তারিত অংশ। সংবাদ বিস্তারিত অংশ। সংবাদ বিস্তারিত অংশ। সংবাদ বিস্তারিত অংশ। সংবাদ বিস্তারিত অংশ। সংবাদ বিস্তারিত অংশ। সংবাদ বিস্তারিত অংশ।
আর-৬১৬
ডা	ডায়াবেটিক সমিতি খুলনা
৩৬/১, স্যার ইকবাল রোড খুলনা
নিয়োগ বিজ্ঞপ্তি
ক্রমিক	পদের নাম	পদ সংখ্যা	শিক্ষাগত যোগ্যতা ও অভিজ্ঞতা	বেতন
১	নিরাপত্তা প্রহরী	০২(দুই)	নূন্যতম এস.এস.সি পাশ	৭,০০০/-
সংবাদ বিস্তারিত অংশ। সংবাদ বিস্তারিত অংশ। সংবাদ বিস্তারিত অংশ। সংবাদ বিস্তারিত অংশ। সংবাদ বিস্তারিত অংশ। সংবাদ বিস্তারিত অংশ। সংবাদ বিস্তারিত অংশ। সংবাদ বিস্তারিত অংশ। সংবাদ বিস্তারিত অংশ। সংবাদ বিস্তারিত অংশ। সংবাদ বিস্তারিত অংশ। সংবাদ বিস্তারিত অংশ। সংবাদ বিস্তারিত অংশ। সংবাদ বিস্তারিত অংশ। সংবাদ বিস্তারিত অংশ। সংবাদ বিস্তারিত অংশ। সংবাদ বিস্তারিত অংশ। সংবাদ বিস্তারিত অংশ। সংবাদ বিস্তারিত অংশ। সংবাদ বিস্তারিত অংশ। সংবাদ বিস্তারিত অংশ। সংবাদ বিস্তারিত অংশ। সংবাদ বিস্তারিত অংশ। সংবাদ বিস্তারিত অংশ। সংবাদ বিস্তারিত অংশ। সংবাদ বিস্তারিত অংশ। সংবাদ বিস্তারিত অংশ। সংবাদ বিস্তারিত অংশ। সংবাদ বিস্তারিত অংশ। সংবাদ বিস্তারিত অংশ।
